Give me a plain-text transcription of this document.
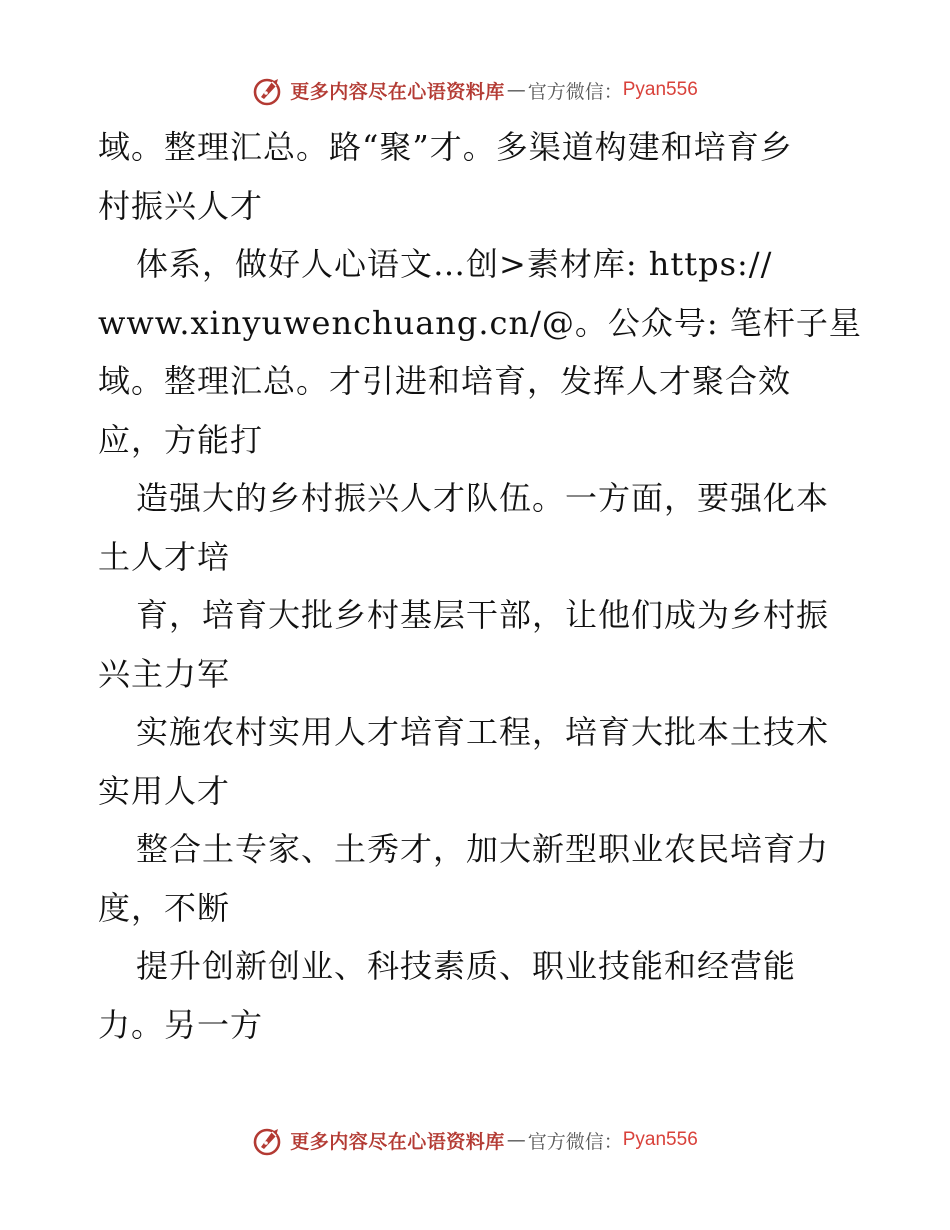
更多内容尽在心语资料库 — 官方微信： Pyan556
域。整理汇总。路“聚”才。多渠道构建和培育乡
村振兴人才
体系，做好人心语文…创>素材库: https://
www.xinyuwenchuang.cn/@。公众号: 笔杆子星
域。整理汇总。才引进和培育，发挥人才聚合效
应，方能打
造强大的乡村振兴人才队伍。一方面，要强化本
土人才培
育，培育大批乡村基层干部，让他们成为乡村振
兴主力军
实施农村实用人才培育工程，培育大批本土技术
实用人才
整合土专家、土秀才，加大新型职业农民培育力
度，不断
提升创新创业、科技素质、职业技能和经营能
力。另一方
更多内容尽在心语资料库 — 官方微信： Pyan556
